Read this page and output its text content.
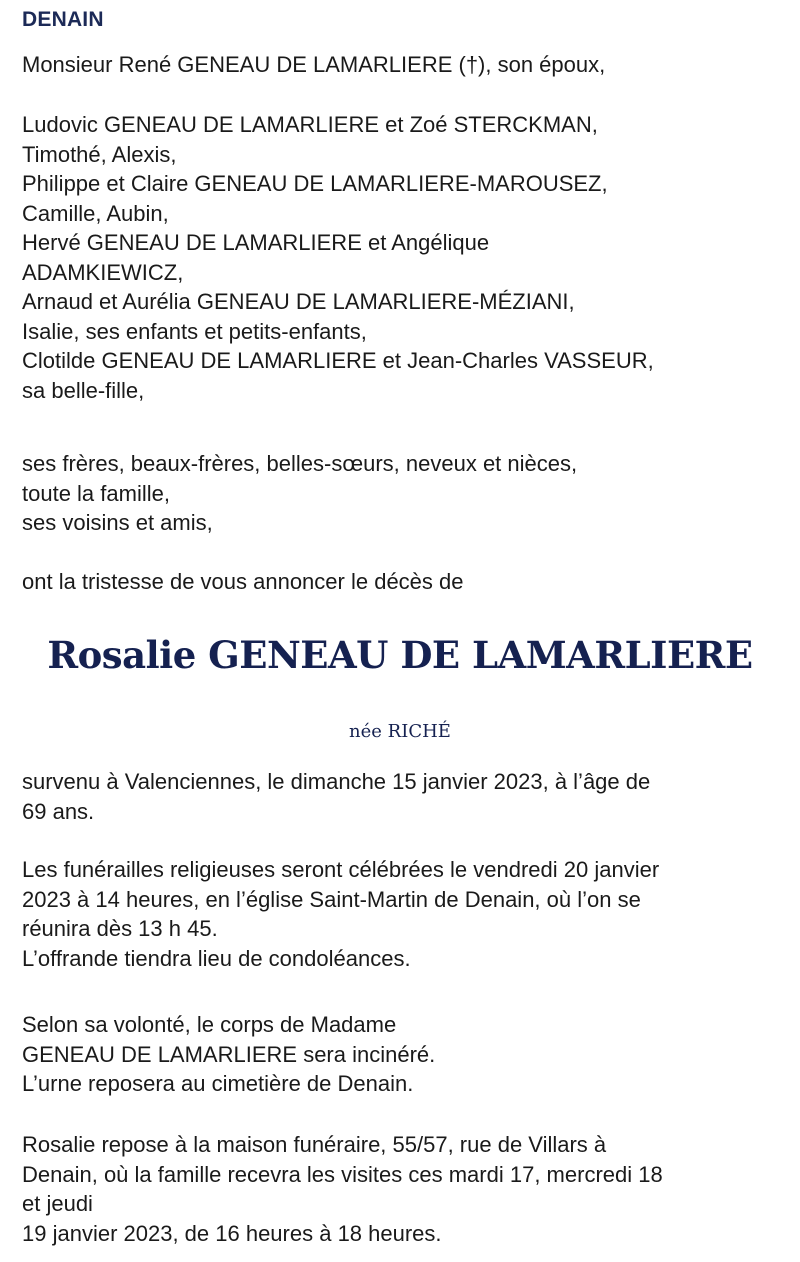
DENAIN
Monsieur René GENEAU DE LAMARLIERE (†), son époux,
Ludovic GENEAU DE LAMARLIERE et Zoé STERCKMAN,
Timothé, Alexis,
Philippe et Claire GENEAU DE LAMARLIERE-MAROUSEZ,
Camille, Aubin,
Hervé GENEAU DE LAMARLIERE et Angélique
ADAMKIEWICZ,
Arnaud et Aurélia GENEAU DE LAMARLIERE-MÉZIANI,
Isalie, ses enfants et petits-enfants,
Clotilde GENEAU DE LAMARLIERE et Jean-Charles VASSEUR,
sa belle-fille,
ses frères, beaux-frères, belles-sœurs, neveux et nièces,
toute la famille,
ses voisins et amis,
ont la tristesse de vous annoncer le décès de
Rosalie GENEAU DE LAMARLIERE
née RICHÉ
survenu à Valenciennes, le dimanche 15 janvier 2023, à l’âge de
69 ans.
Les funérailles religieuses seront célébrées le vendredi 20 janvier
2023 à 14 heures, en l’église Saint-Martin de Denain, où l’on se
réunira dès 13 h 45.
L’offrande tiendra lieu de condoléances.
Selon sa volonté, le corps de Madame
GENEAU DE LAMARLIERE sera incinéré.
L’urne reposera au cimetière de Denain.
Rosalie repose à la maison funéraire, 55/57, rue de Villars à
Denain, où la famille recevra les visites ces mardi 17, mercredi 18
et jeudi
19 janvier 2023, de 16 heures à 18 heures.
